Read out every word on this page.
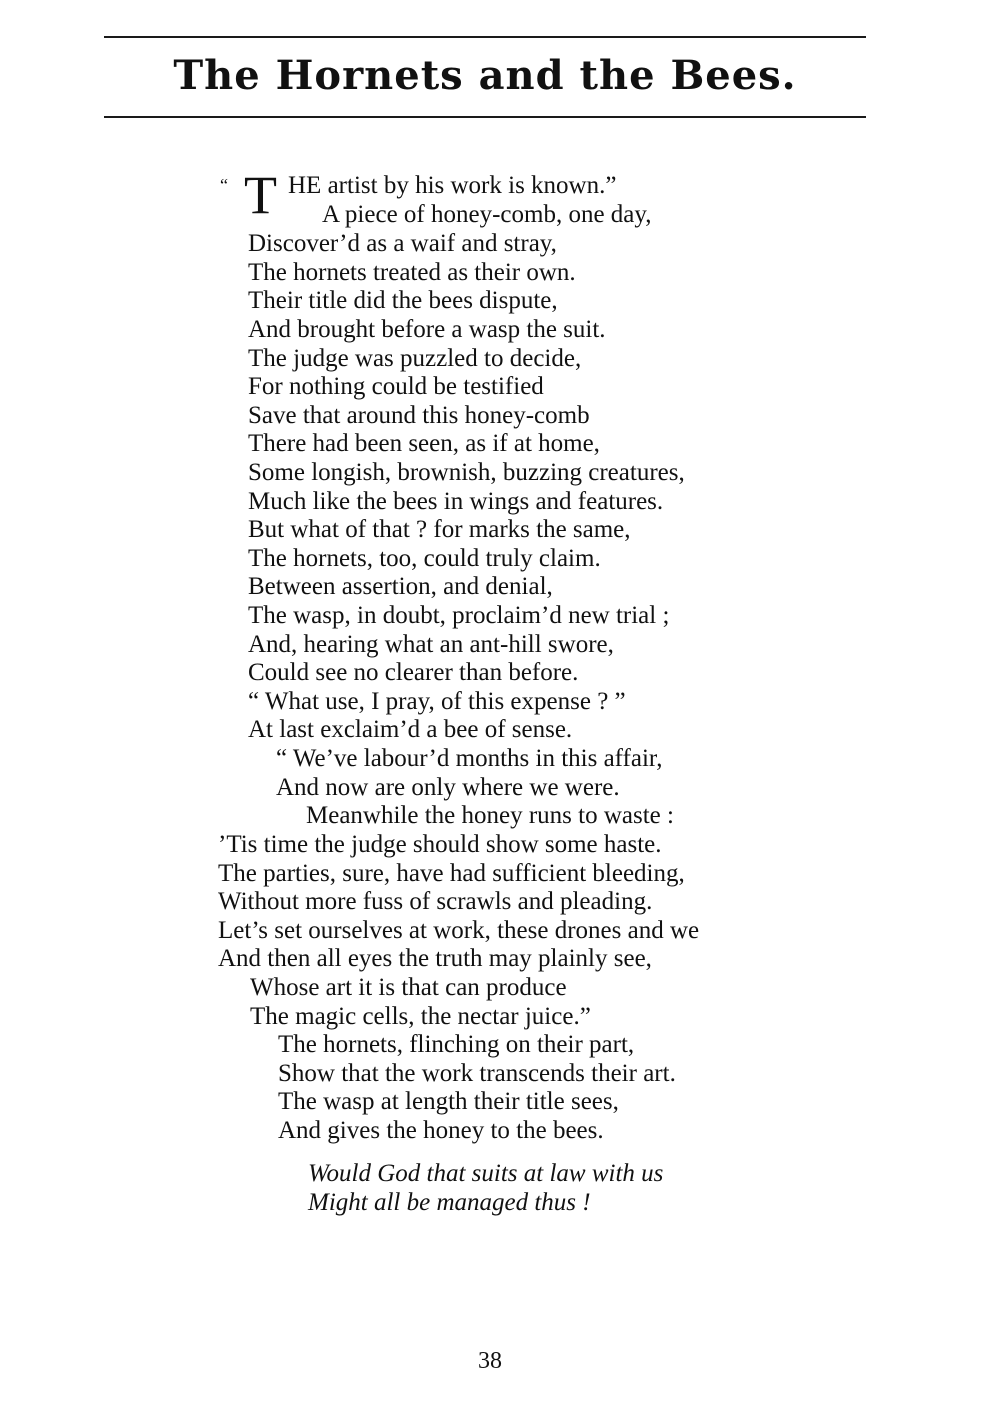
The Hornets and the Bees.
“ T HE artist by his work is known.”
A piece of honey-comb, one day,
Discover’d as a waif and stray,
The hornets treated as their own.
Their title did the bees dispute,
And brought before a wasp the suit.
The judge was puzzled to decide,
For nothing could be testified
Save that around this honey-comb
There had been seen, as if at home,
Some longish, brownish, buzzing creatures,
Much like the bees in wings and features.
But what of that ? for marks the same,
The hornets, too, could truly claim.
Between assertion, and denial,
The wasp, in doubt, proclaim’d new trial ;
And, hearing what an ant-hill swore,
Could see no clearer than before.
“ What use, I pray, of this expense ? ”
At last exclaim’d a bee of sense.
“ We’ve labour’d months in this affair,
And now are only where we were.
Meanwhile the honey runs to waste :
’Tis time the judge should show some haste.
The parties, sure, have had sufficient bleeding,
Without more fuss of scrawls and pleading.
Let’s set ourselves at work, these drones and we
And then all eyes the truth may plainly see,
Whose art it is that can produce
The magic cells, the nectar juice.”
The hornets, flinching on their part,
Show that the work transcends their art.
The wasp at length their title sees,
And gives the honey to the bees.
Would God that suits at law with us
Might all be managed thus !
38
